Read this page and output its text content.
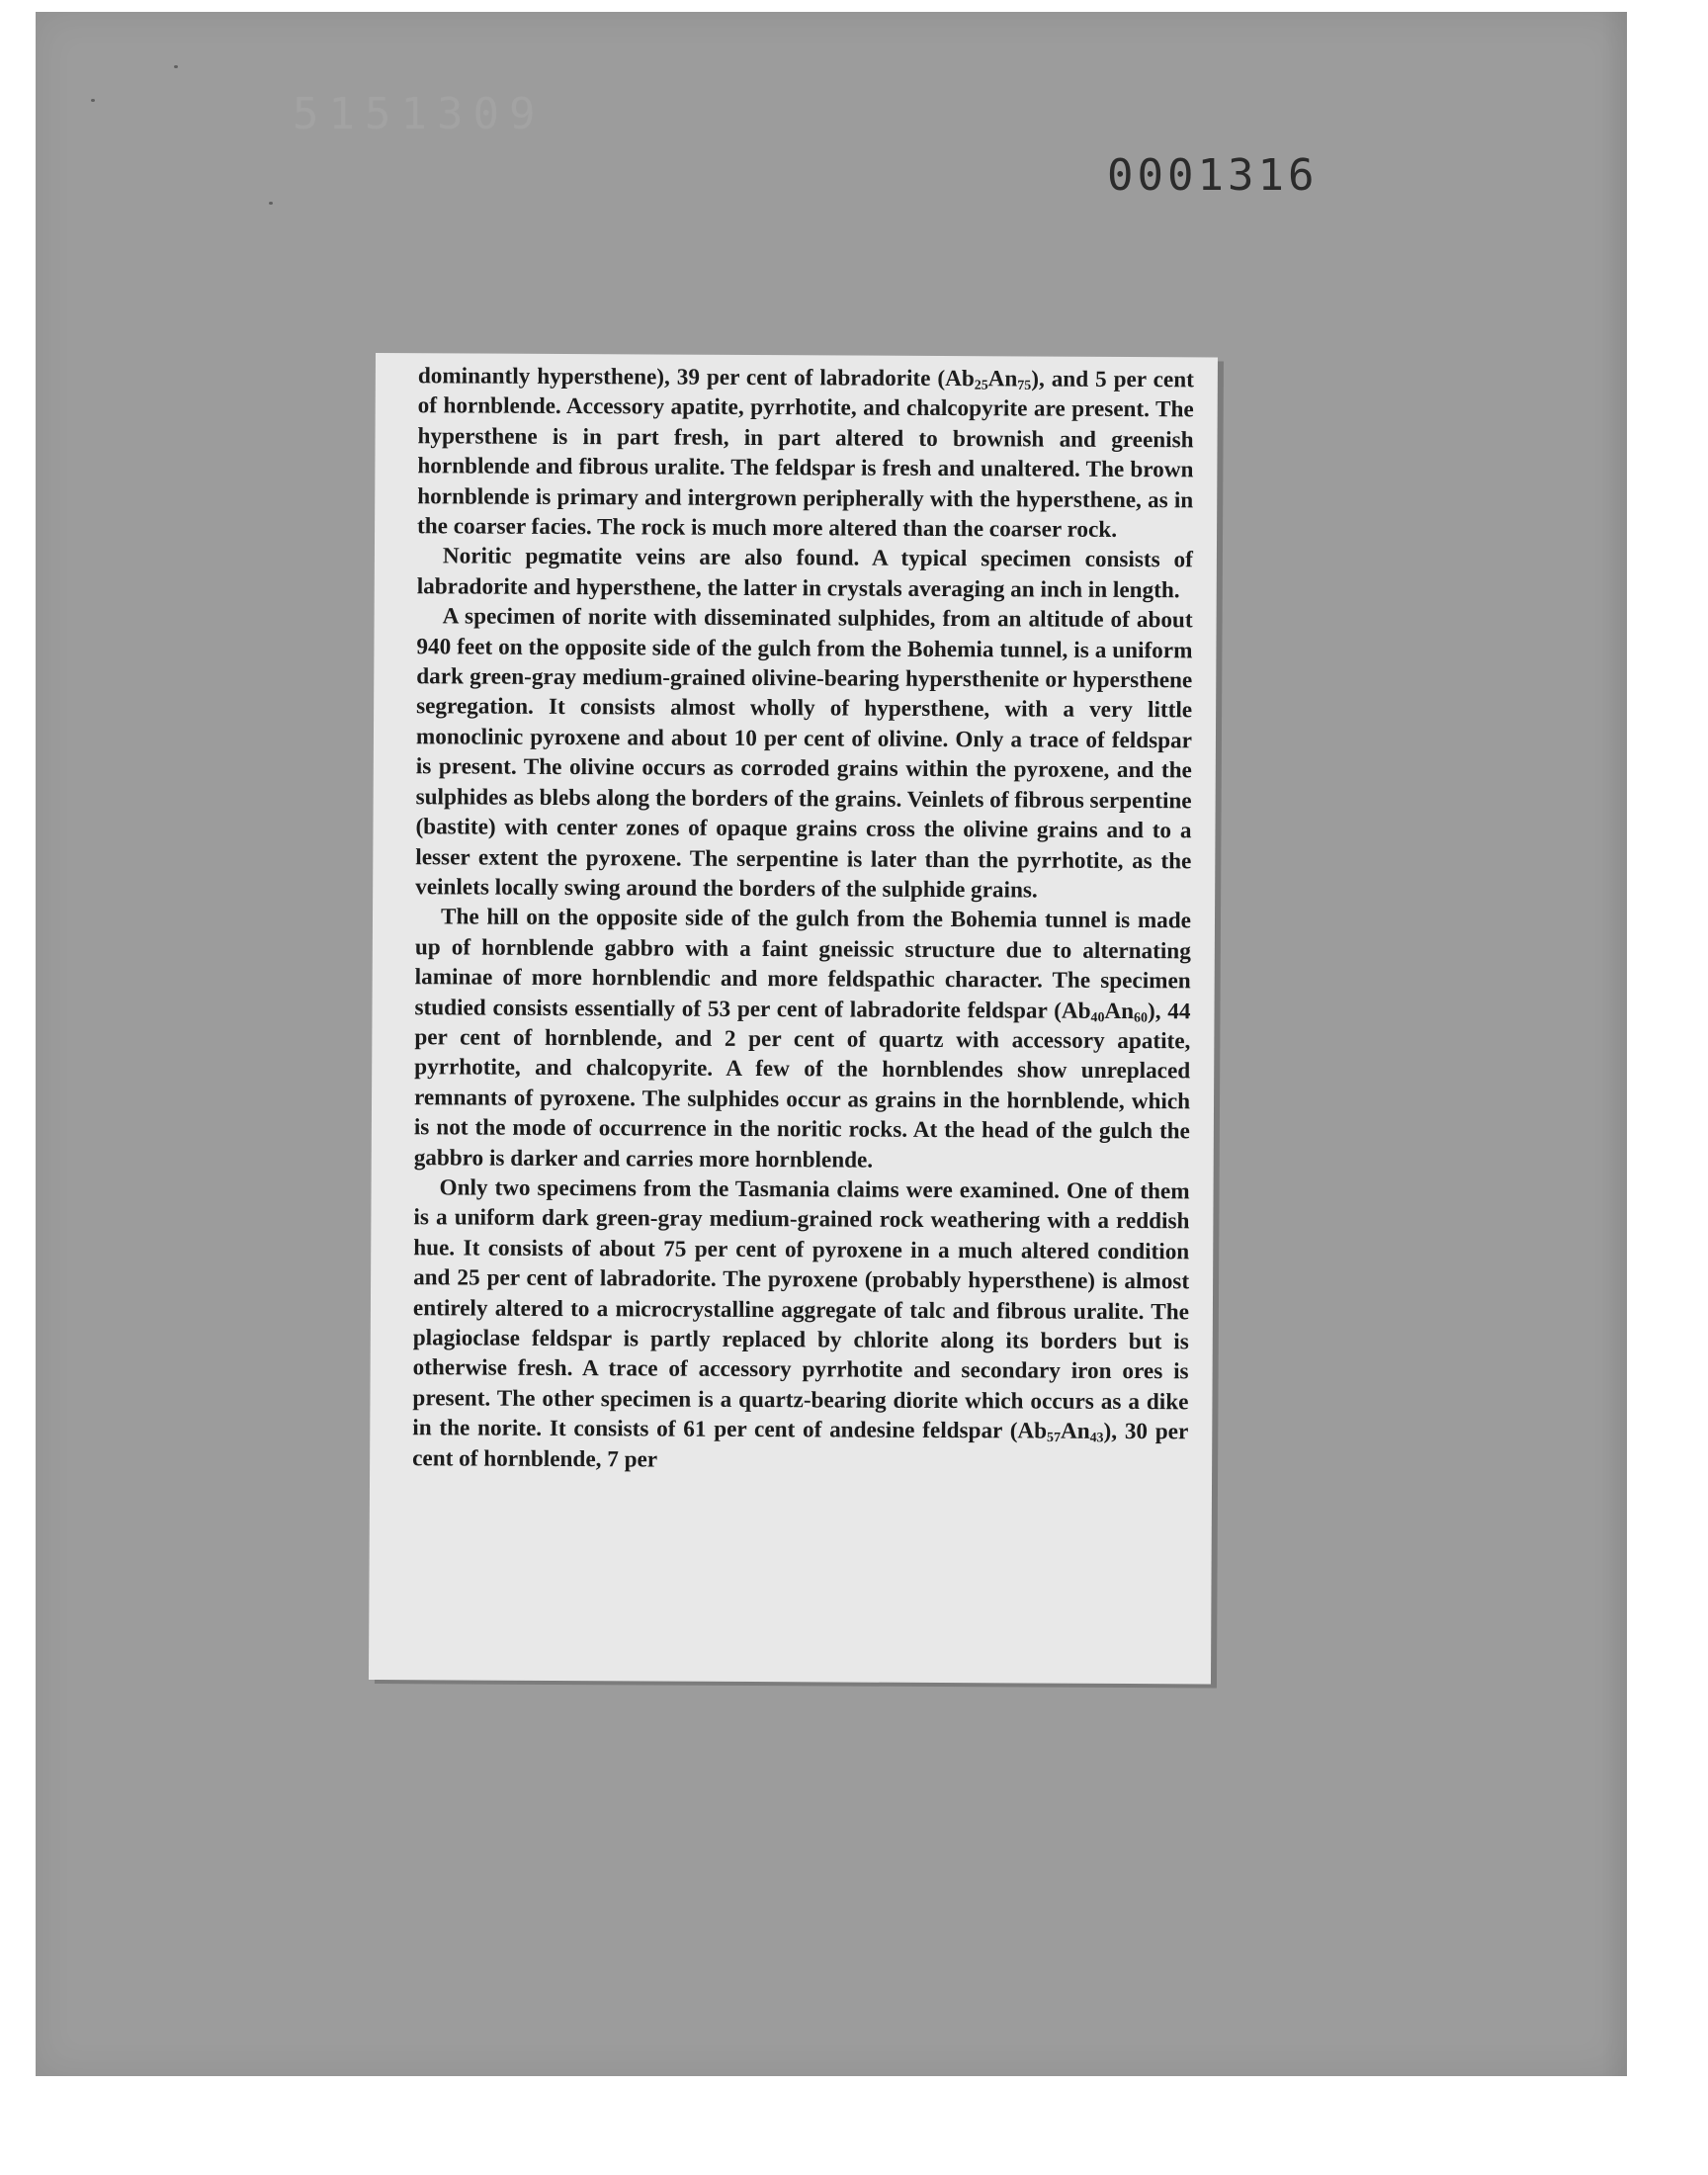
5151309
0001316

dominantly hypersthene), 39 per cent of labradorite $(Ab_{25}An_{75})$, and 5 per cent of hornblende. Accessory apatite, pyrrhotite, and chalcopyrite are present. The hypersthene is in part fresh, in part altered to brownish and greenish hornblende and fibrous uralite. The feldspar is fresh and unaltered. The brown hornblende is primary and intergrown peripherally with the hypersthene, as in the coarser facies. The rock is much more altered than the coarser rock.

Noritic pegmatite veins are also found. A typical specimen consists of labradorite and hypersthene, the latter in crystals averaging an inch in length.

A specimen of norite with disseminated sulphides, from an altitude of about 940 feet on the opposite side of the gulch from the Bohemia tunnel, is a uniform dark green-gray medium-grained olivine-bearing hypersthenite or hypersthene segregation. It consists almost wholly of hypersthene, with a very little monoclinic pyroxene and about 10 per cent of olivine. Only a trace of feldspar is present. The olivine occurs as corroded grains within the pyroxene, and the sulphides as blebs along the borders of the grains. Veinlets of fibrous serpentine (bastite) with center zones of opaque grains cross the olivine grains and to a lesser extent the pyroxene. The serpentine is later than the pyrrhotite, as the veinlets locally swing around the borders of the sulphide grains.

The hill on the opposite side of the gulch from the Bohemia tunnel is made up of hornblende gabbro with a faint gneissic structure due to alternating laminae of more hornblendic and more feldspathic character. The specimen studied consists essentially of 53 per cent of labradorite feldspar $(Ab_{40}An_{60})$, 44 per cent of hornblende, and 2 per cent of quartz with accessory apatite, pyrrhotite, and chalcopyrite. A few of the hornblendes show unreplaced remnants of pyroxene. The sulphides occur as grains in the hornblende, which is not the mode of occurrence in the noritic rocks. At the head of the gulch the gabbro is darker and carries more hornblende.

Only two specimens from the Tasmania claims were examined. One of them is a uniform dark green-gray medium-grained rock weathering with a reddish hue. It consists of about 75 per cent of pyroxene in a much altered condition and 25 per cent of labradorite. The pyroxene (probably hypersthene) is almost entirely altered to a microcrystalline aggregate of talc and fibrous uralite. The plagioclase feldspar is partly replaced by chlorite along its borders but is otherwise fresh. A trace of accessory pyrrhotite and secondary iron ores is present. The other specimen is a quartz-bearing diorite which occurs as a dike in the norite. It consists of 61 per cent of andesine feldspar $(Ab_{57}An_{43})$, 30 per cent of hornblende, 7 per
